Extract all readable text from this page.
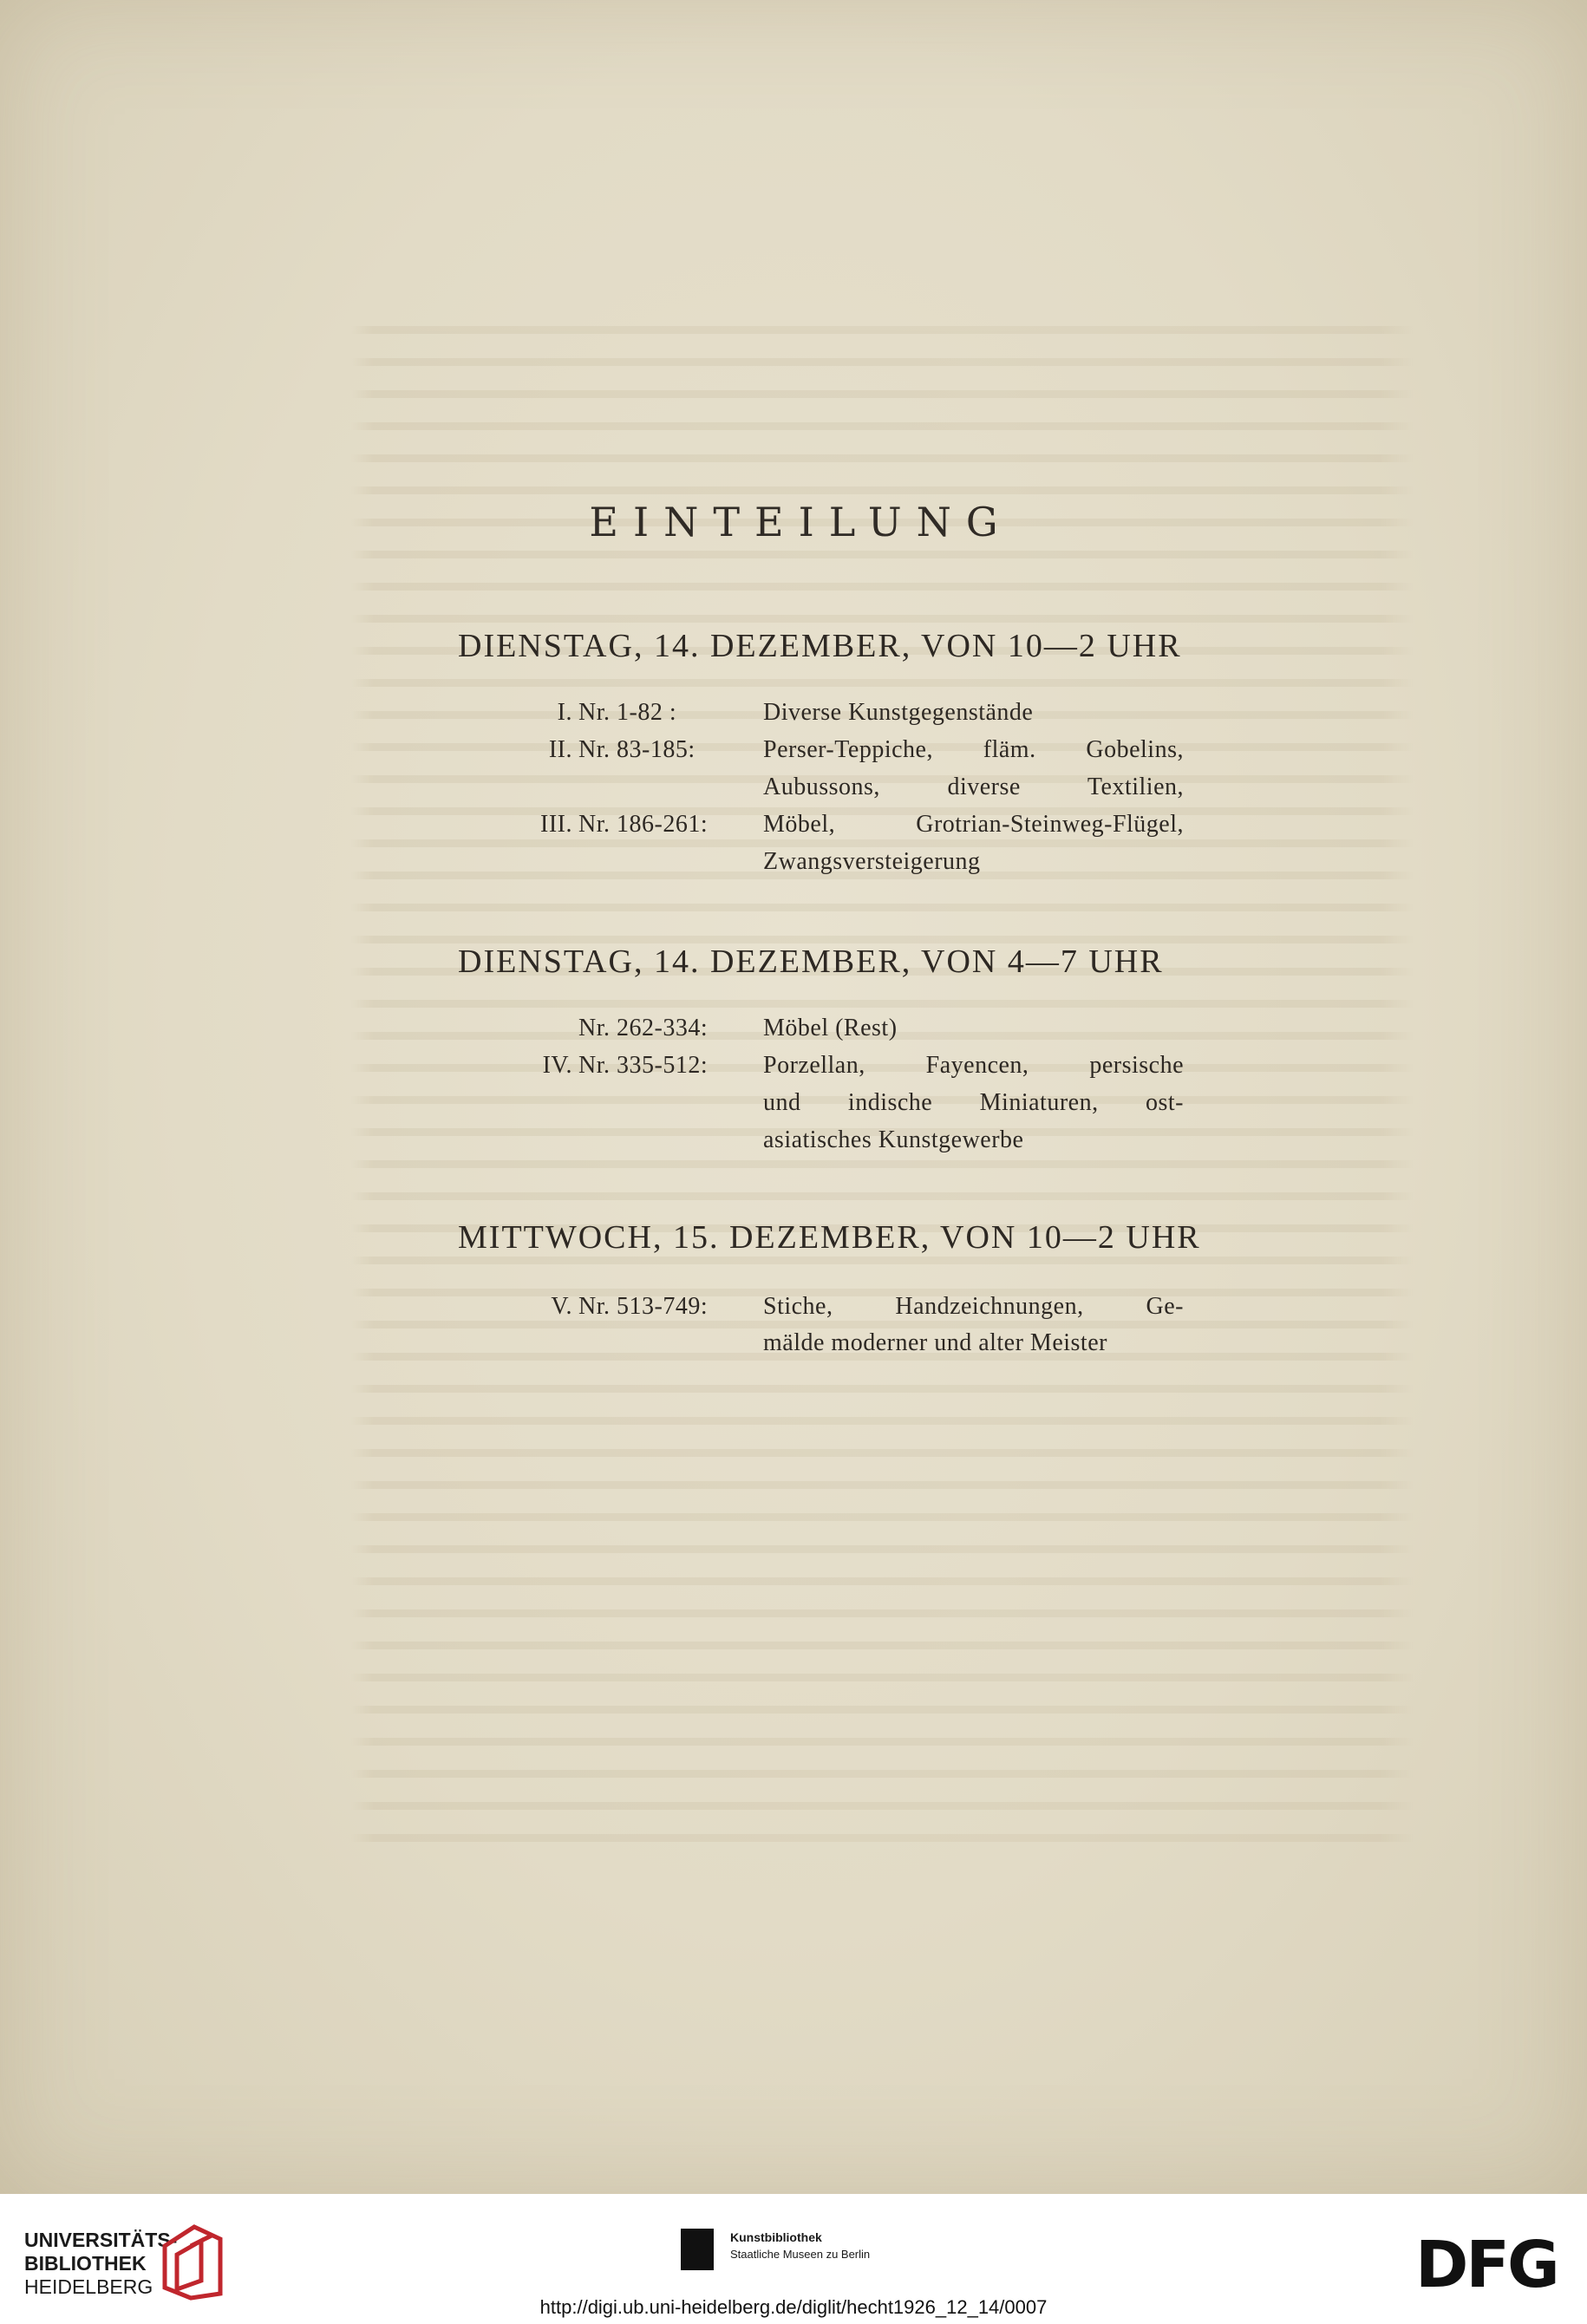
EINTEILUNG
DIENSTAG, 14. DEZEMBER, VON 10—2 UHR
I. Nr. 1-82 :	Diverse Kunstgegenstände
II. Nr. 83-185:	Perser-Teppiche, fläm. Gobelins,
Aubussons, diverse Textilien,
III. Nr. 186-261: Möbel, Grotrian-Steinweg-Flügel,
Zwangsversteigerung
DIENSTAG, 14. DEZEMBER, VON 4—7 UHR
Nr. 262-334: Möbel (Rest)
IV. Nr. 335-512: Porzellan, Fayencen, persische
und indische Miniaturen, ost-
asiatisches Kunstgewerbe
MITTWOCH, 15. DEZEMBER, VON 10—2 UHR
V. Nr. 513-749: Stiche, Handzeichnungen, Ge-
mälde moderner und alter Meister
UNIVERSITÄTS-
BIBLIOTHEK
HEIDELBERG
Kunstbibliothek
Staatliche Museen zu Berlin	DFG
http://digi.ub.uni-heidelberg.de/diglit/hecht1926_12_14/0007
